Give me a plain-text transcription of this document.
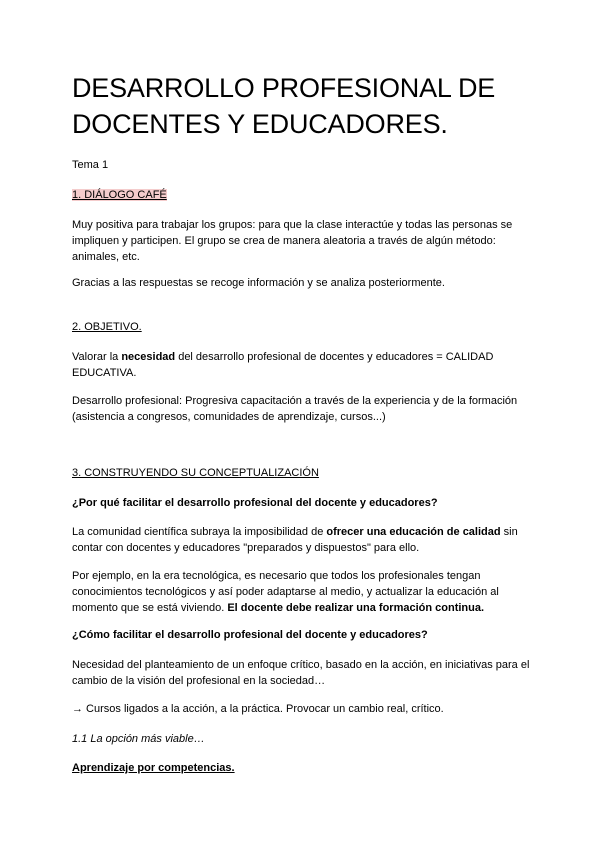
DESARROLLO PROFESIONAL DE
DOCENTES Y EDUCADORES.

Tema 1

1. DIÁLOGO CAFÉ

Muy positiva para trabajar los grupos: para que la clase interactúe y todas las personas se impliquen y participen. El grupo se crea de manera aleatoria a través de algún método: animales, etc.

Gracias a las respuestas se recoge información y se analiza posteriormente.

2. OBJETIVO.

Valorar la necesidad del desarrollo profesional de docentes y educadores = CALIDAD EDUCATIVA.

Desarrollo profesional: Progresiva capacitación a través de la experiencia y de la formación (asistencia a congresos, comunidades de aprendizaje, cursos...)

3. CONSTRUYENDO SU CONCEPTUALIZACIÓN

¿Por qué facilitar el desarrollo profesional del docente y educadores?

La comunidad científica subraya la imposibilidad de ofrecer una educación de calidad sin contar con docentes y educadores "preparados y dispuestos" para ello.

Por ejemplo, en la era tecnológica, es necesario que todos los profesionales tengan conocimientos tecnológicos y así poder adaptarse al medio, y actualizar la educación al momento que se está viviendo. El docente debe realizar una formación continua.

¿Cómo facilitar el desarrollo profesional del docente y educadores?

Necesidad del planteamiento de un enfoque crítico, basado en la acción, en iniciativas para el cambio de la visión del profesional en la sociedad…

→ Cursos ligados a la acción, a la práctica. Provocar un cambio real, crítico.

1.1 La opción más viable…

Aprendizaje por competencias.
